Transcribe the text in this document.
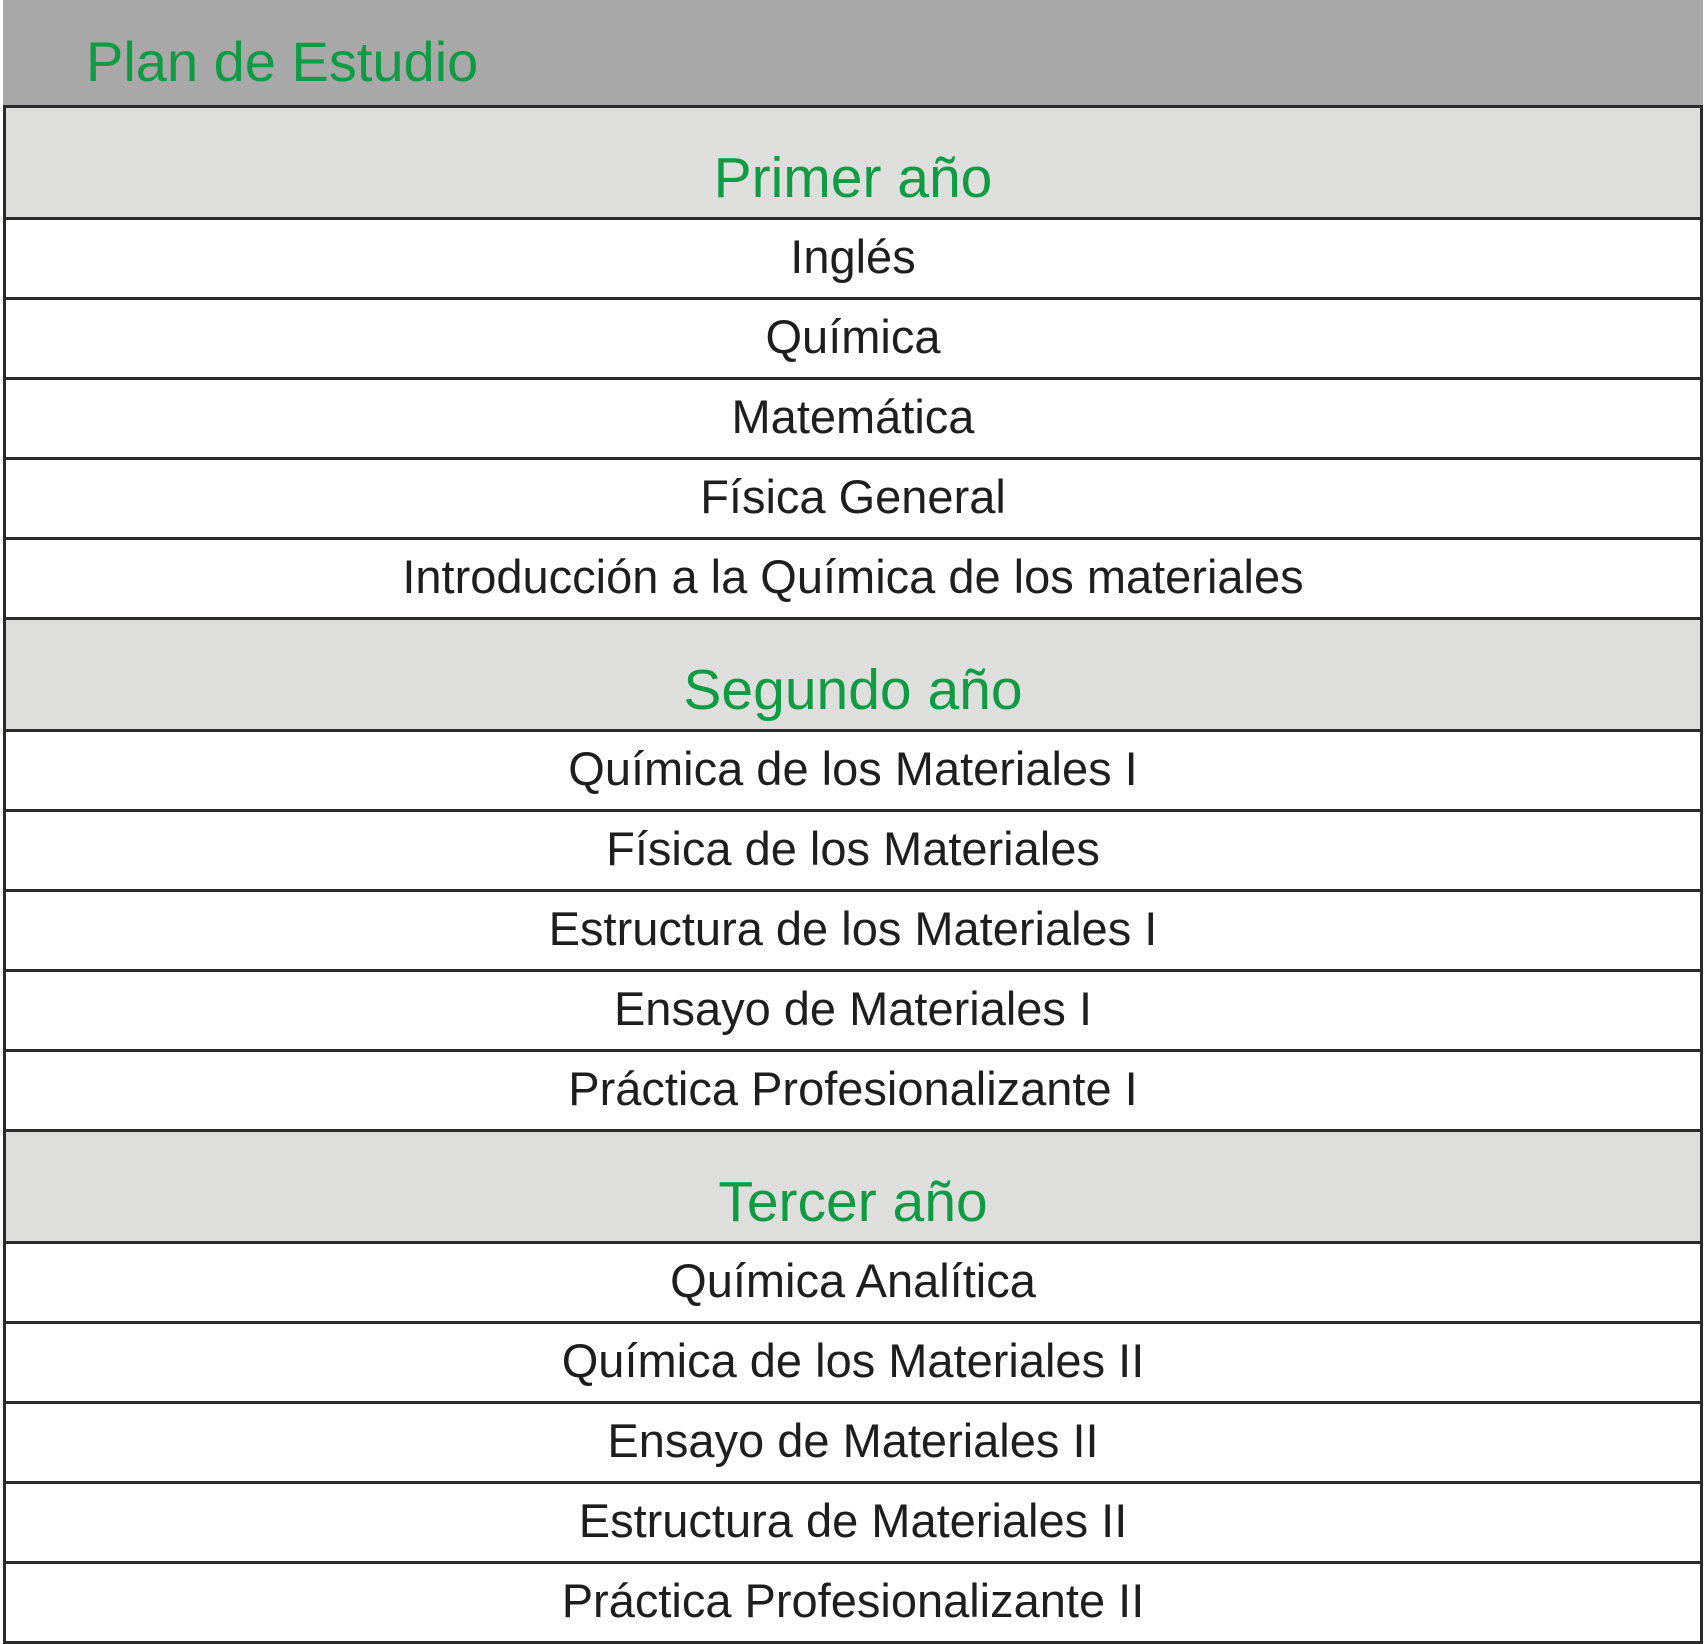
Plan de Estudio
Primer año
Inglés
Química
Matemática
Física General
Introducción a la Química de los materiales
Segundo año
Química de los Materiales I
Física de los Materiales
Estructura de los Materiales I
Ensayo de Materiales I
Práctica Profesionalizante I
Tercer año
Química Analítica
Química de los Materiales II
Ensayo de Materiales II
Estructura de Materiales II
Práctica Profesionalizante II
